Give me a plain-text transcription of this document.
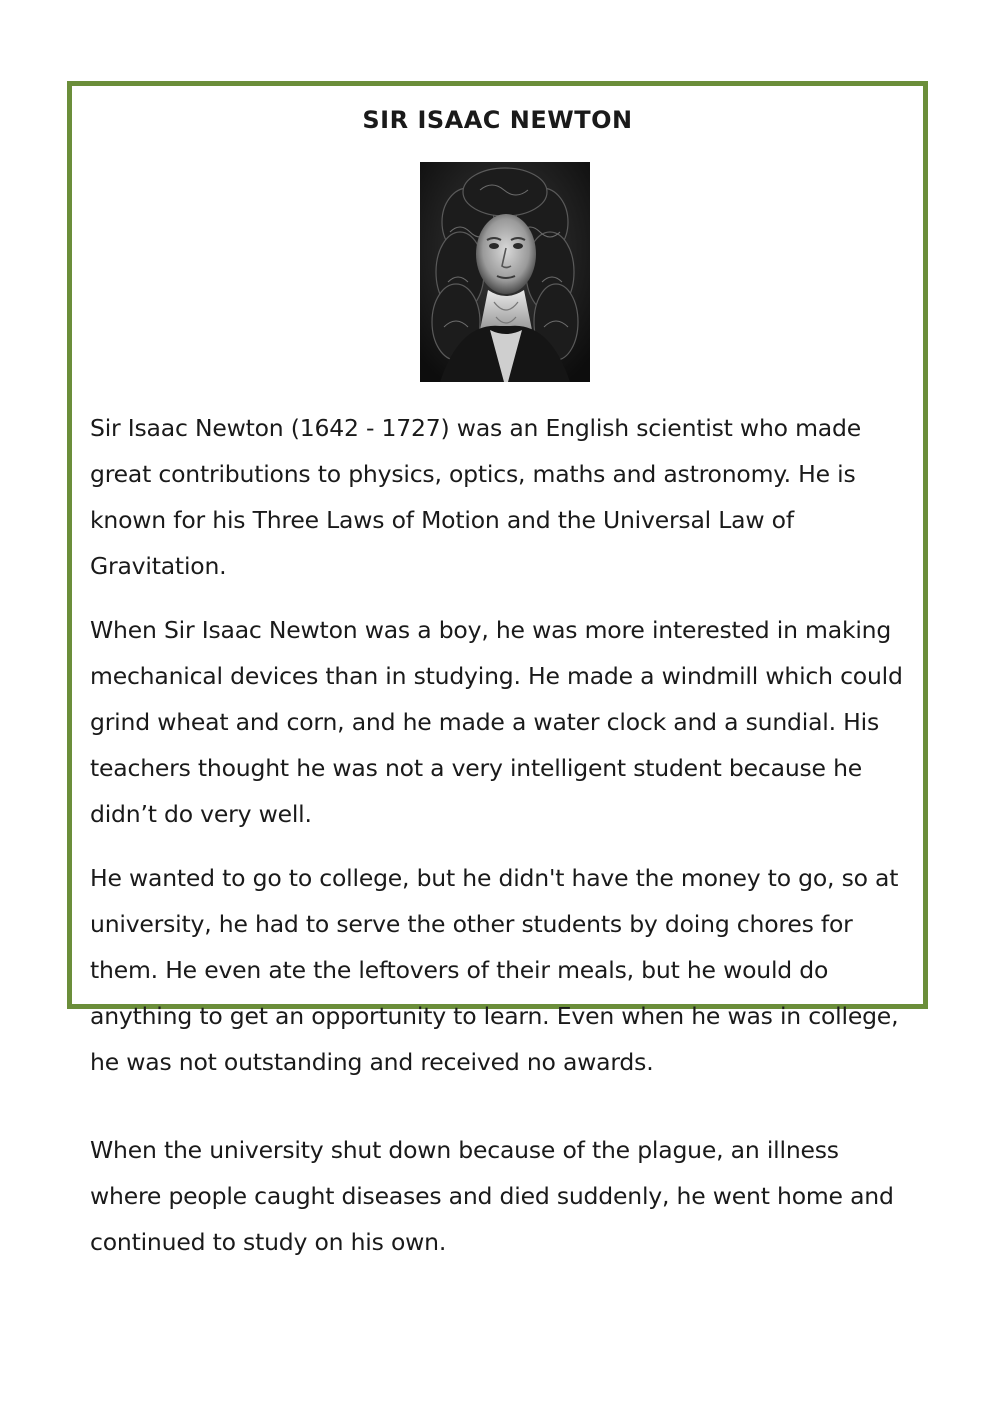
SIR ISAAC NEWTON

Sir Isaac Newton (1642 - 1727) was an English scientist who made great contributions to physics, optics, maths and astronomy. He is known for his Three Laws of Motion and the Universal Law of Gravitation.

When Sir Isaac Newton was a boy, he was more interested in making mechanical devices than in studying. He made a windmill which could grind wheat and corn, and he made a water clock and a sundial. His teachers thought he was not a very intelligent student because he didn’t do very well.

He wanted to go to college, but he didn't have the money to go, so at university, he had to serve the other students by doing chores for them. He even ate the leftovers of their meals, but he would do anything to get an opportunity to learn. Even when he was in college, he was not outstanding and received no awards.

When the university shut down because of the plague, an illness where people caught diseases and died suddenly, he went home and continued to study on his own.
